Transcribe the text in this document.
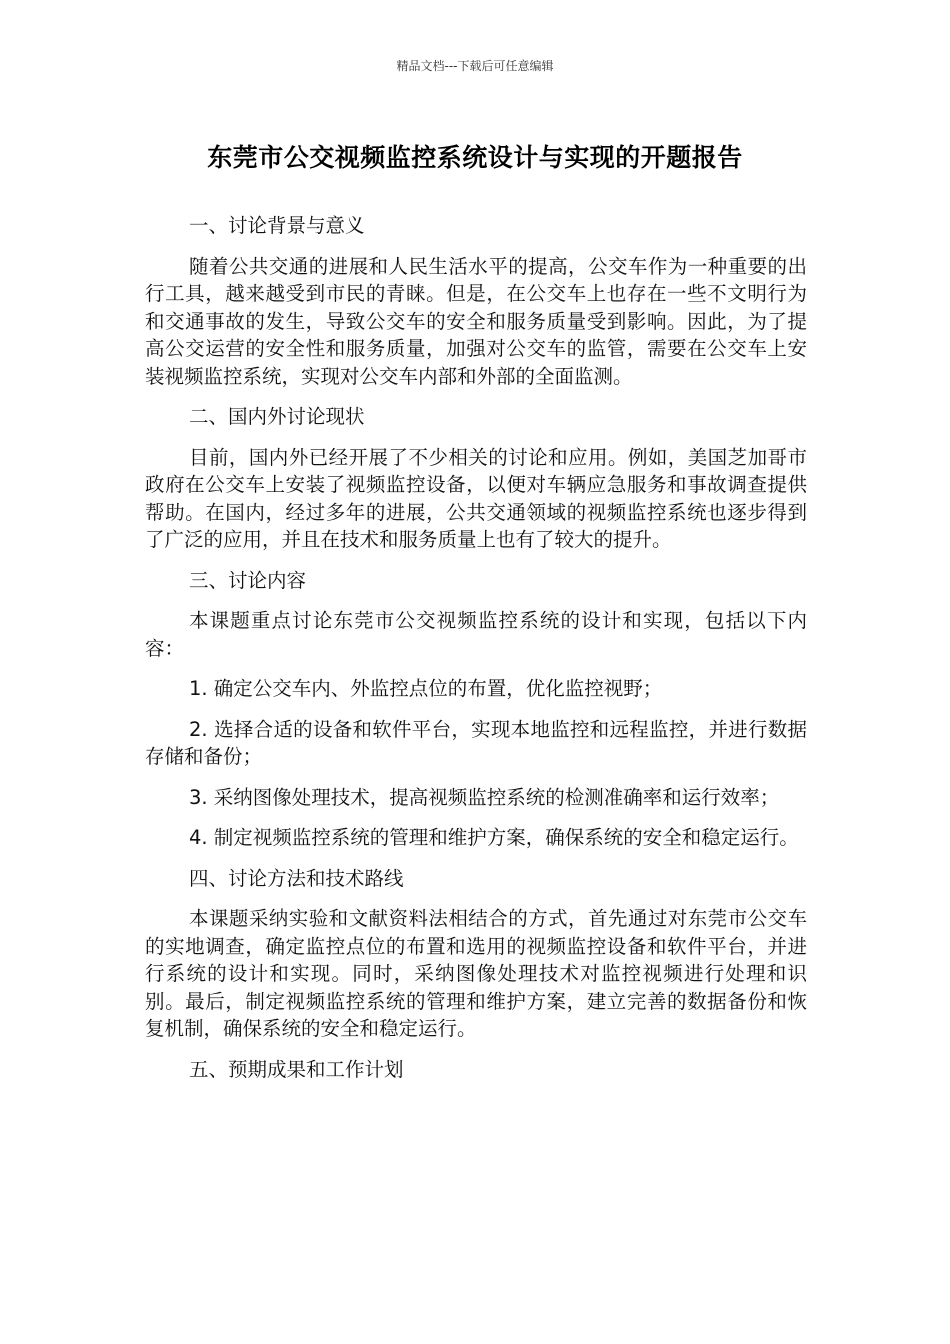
精品文档---下载后可任意编辑
东莞市公交视频监控系统设计与实现的开题报告

一、讨论背景与意义

随着公共交通的进展和人民生活水平的提高，公交车作为一种重要的出行工具，越来越受到市民的青睐。但是，在公交车上也存在一些不文明行为和交通事故的发生，导致公交车的安全和服务质量受到影响。因此，为了提高公交运营的安全性和服务质量，加强对公交车的监管，需要在公交车上安装视频监控系统，实现对公交车内部和外部的全面监测。

二、国内外讨论现状

目前，国内外已经开展了不少相关的讨论和应用。例如，美国芝加哥市政府在公交车上安装了视频监控设备，以便对车辆应急服务和事故调查提供帮助。在国内，经过多年的进展，公共交通领域的视频监控系统也逐步得到了广泛的应用，并且在技术和服务质量上也有了较大的提升。

三、讨论内容

本课题重点讨论东莞市公交视频监控系统的设计和实现，包括以下内容：

1. 确定公交车内、外监控点位的布置，优化监控视野；

2. 选择合适的设备和软件平台，实现本地监控和远程监控，并进行数据存储和备份；

3. 采纳图像处理技术，提高视频监控系统的检测准确率和运行效率；

4. 制定视频监控系统的管理和维护方案，确保系统的安全和稳定运行。

四、讨论方法和技术路线

本课题采纳实验和文献资料法相结合的方式，首先通过对东莞市公交车的实地调查，确定监控点位的布置和选用的视频监控设备和软件平台，并进行系统的设计和实现。同时，采纳图像处理技术对监控视频进行处理和识别。最后，制定视频监控系统的管理和维护方案，建立完善的数据备份和恢复机制，确保系统的安全和稳定运行。

五、预期成果和工作计划
